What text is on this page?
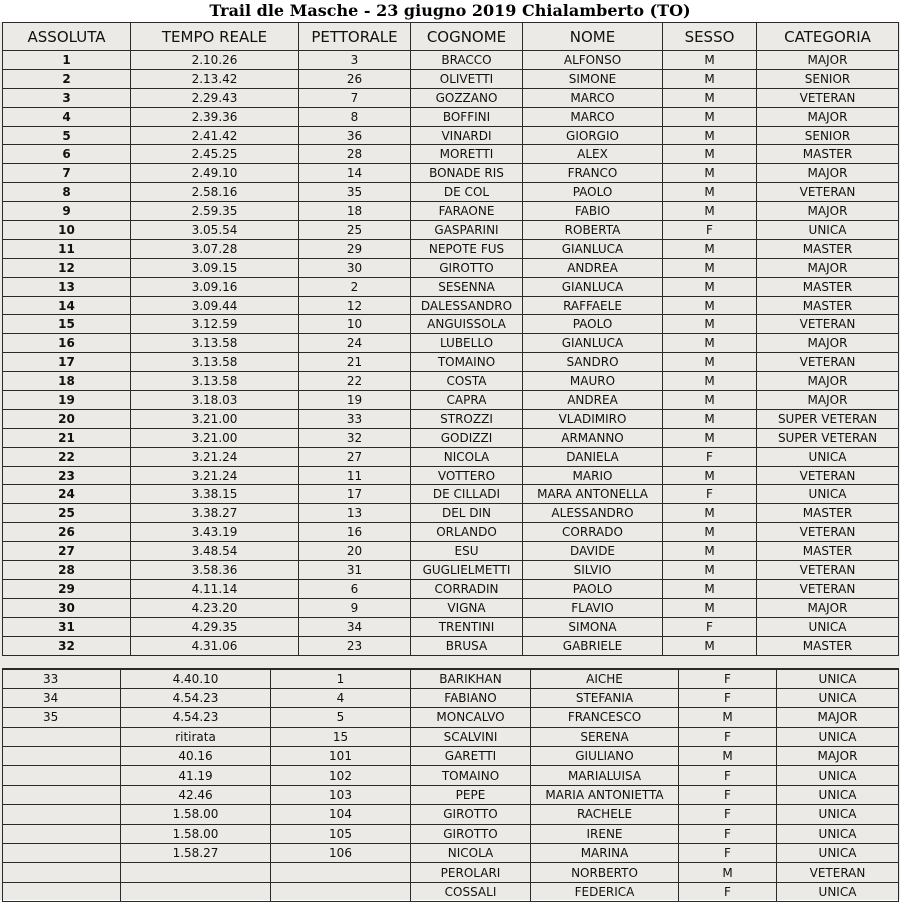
Trail dle Masche - 23 giugno 2019 Chialamberto (TO)
ASSOLUTA	TEMPO REALE	PETTORALE	COGNOME	NOME	SESSO	CATEGORIA
1	2.10.26	3	BRACCO	ALFONSO	M	MAJOR
2	2.13.42	26	OLIVETTI	SIMONE	M	SENIOR
3	2.29.43	7	GOZZANO	MARCO	M	VETERAN
4	2.39.36	8	BOFFINI	MARCO	M	MAJOR
5	2.41.42	36	VINARDI	GIORGIO	M	SENIOR
6	2.45.25	28	MORETTI	ALEX	M	MASTER
7	2.49.10	14	BONADE RIS	FRANCO	M	MAJOR
8	2.58.16	35	DE COL	PAOLO	M	VETERAN
9	2.59.35	18	FARAONE	FABIO	M	MAJOR
10	3.05.54	25	GASPARINI	ROBERTA	F	UNICA
11	3.07.28	29	NEPOTE FUS	GIANLUCA	M	MASTER
12	3.09.15	30	GIROTTO	ANDREA	M	MAJOR
13	3.09.16	2	SESENNA	GIANLUCA	M	MASTER
14	3.09.44	12	DALESSANDRO	RAFFAELE	M	MASTER
15	3.12.59	10	ANGUISSOLA	PAOLO	M	VETERAN
16	3.13.58	24	LUBELLO	GIANLUCA	M	MAJOR
17	3.13.58	21	TOMAINO	SANDRO	M	VETERAN
18	3.13.58	22	COSTA	MAURO	M	MAJOR
19	3.18.03	19	CAPRA	ANDREA	M	MAJOR
20	3.21.00	33	STROZZI	VLADIMIRO	M	SUPER VETERAN
21	3.21.00	32	GODIZZI	ARMANNO	M	SUPER VETERAN
22	3.21.24	27	NICOLA	DANIELA	F	UNICA
23	3.21.24	11	VOTTERO	MARIO	M	VETERAN
24	3.38.15	17	DE CILLADI	MARA ANTONELLA	F	UNICA
25	3.38.27	13	DEL DIN	ALESSANDRO	M	MASTER
26	3.43.19	16	ORLANDO	CORRADO	M	VETERAN
27	3.48.54	20	ESU	DAVIDE	M	MASTER
28	3.58.36	31	GUGLIELMETTI	SILVIO	M	VETERAN
29	4.11.14	6	CORRADIN	PAOLO	M	VETERAN
30	4.23.20	9	VIGNA	FLAVIO	M	MAJOR
31	4.29.35	34	TRENTINI	SIMONA	F	UNICA
32	4.31.06	23	BRUSA	GABRIELE	M	MASTER
33	4.40.10	1	BARIKHAN	AICHE	F	UNICA
34	4.54.23	4	FABIANO	STEFANIA	F	UNICA
35	4.54.23	5	MONCALVO	FRANCESCO	M	MAJOR
	ritirata	15	SCALVINI	SERENA	F	UNICA
	40.16	101	GARETTI	GIULIANO	M	MAJOR
	41.19	102	TOMAINO	MARIALUISA	F	UNICA
	42.46	103	PEPE	MARIA ANTONIETTA	F	UNICA
	1.58.00	104	GIROTTO	RACHELE	F	UNICA
	1.58.00	105	GIROTTO	IRENE	F	UNICA
	1.58.27	106	NICOLA	MARINA	F	UNICA
			PEROLARI	NORBERTO	M	VETERAN
			COSSALI	FEDERICA	F	UNICA
